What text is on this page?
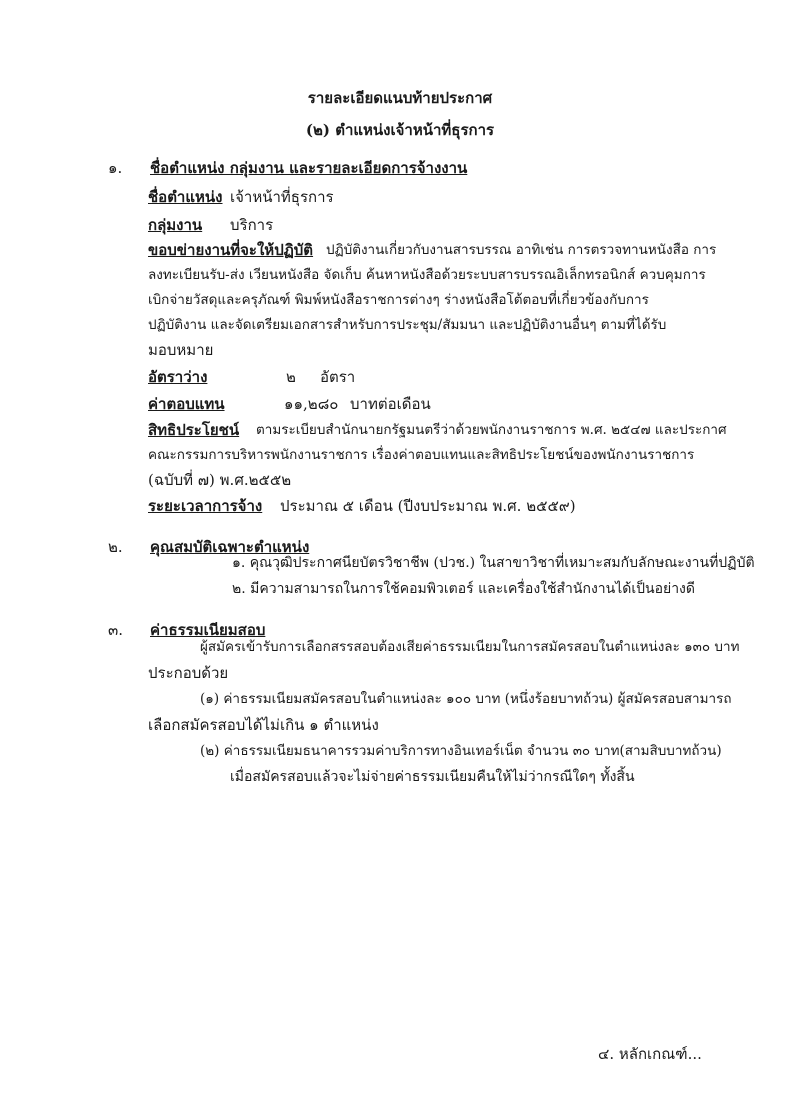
รายละเอียดแนบท้ายประกาศ
(๒) ตำแหน่งเจ้าหน้าที่ธุรการ
๑. ชื่อตำแหน่ง กลุ่มงาน และรายละเอียดการจ้างงาน
ชื่อตำแหน่ง เจ้าหน้าที่ธุรการ
กลุ่มงาน บริการ
ขอบข่ายงานที่จะให้ปฏิบัติ ปฏิบัติงานเกี่ยวกับงานสารบรรณ อาทิเช่น การตรวจทานหนังสือ การ
ลงทะเบียนรับ-ส่ง เวียนหนังสือ จัดเก็บ ค้นหาหนังสือด้วยระบบสารบรรณอิเล็กทรอนิกส์ ควบคุมการ
เบิกจ่ายวัสดุและครุภัณฑ์ พิมพ์หนังสือราชการต่างๆ ร่างหนังสือโต้ตอบที่เกี่ยวข้องกับการ
ปฏิบัติงาน และจัดเตรียมเอกสารสำหรับการประชุม/สัมมนา และปฏิบัติงานอื่นๆ ตามที่ได้รับ
มอบหมาย
อัตราว่าง	๒ อัตรา
ค่าตอบแทน	๑๑,๒๘๐ บาทต่อเดือน
สิทธิประโยชน์ ตามระเบียบสำนักนายกรัฐมนตรีว่าด้วยพนักงานราชการ พ.ศ. ๒๕๔๗ และประกาศ
คณะกรรมการบริหารพนักงานราชการ เรื่องค่าตอบแทนและสิทธิประโยชน์ของพนักงานราชการ
(ฉบับที่ ๗) พ.ศ.๒๕๕๒
ระยะเวลาการจ้าง ประมาณ ๕ เดือน (ปีงบประมาณ พ.ศ. ๒๕๕๙)
๒. คุณสมบัติเฉพาะตำแหน่ง
๑. คุณวุฒิประกาศนียบัตรวิชาชีพ (ปวช.) ในสาขาวิชาที่เหมาะสมกับลักษณะงานที่ปฏิบัติ
๒. มีความสามารถในการใช้คอมพิวเตอร์ และเครื่องใช้สำนักงานได้เป็นอย่างดี
๓. ค่าธรรมเนียมสอบ
ผู้สมัครเข้ารับการเลือกสรรสอบต้องเสียค่าธรรมเนียมในการสมัครสอบในตำแหน่งละ ๑๓๐ บาท
ประกอบด้วย
(๑) ค่าธรรมเนียมสมัครสอบในตำแหน่งละ ๑๐๐ บาท (หนึ่งร้อยบาทถ้วน) ผู้สมัครสอบสามารถ
เลือกสมัครสอบได้ไม่เกิน ๑ ตำแหน่ง
(๒) ค่าธรรมเนียมธนาคารรวมค่าบริการทางอินเทอร์เน็ต จำนวน ๓๐ บาท(สามสิบบาทถ้วน)
เมื่อสมัครสอบแล้วจะไม่จ่ายค่าธรรมเนียมคืนให้ไม่ว่ากรณีใดๆ ทั้งสิ้น
๔. หลักเกณฑ์...
